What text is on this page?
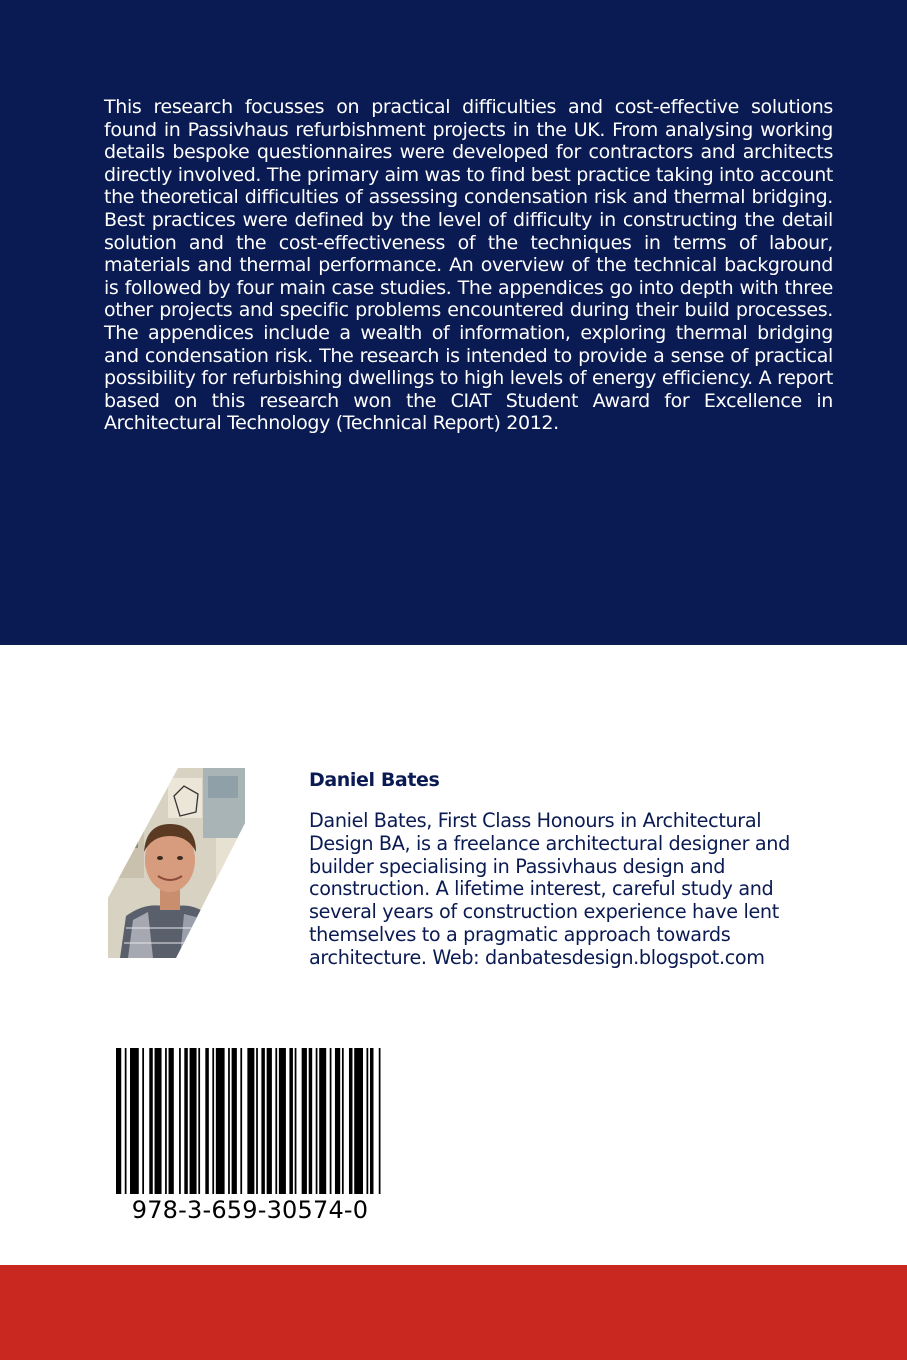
This research focusses on practical difficulties and cost-effective solutions found in Passivhaus refurbishment projects in the UK. From analysing working details bespoke questionnaires were developed for contractors and architects directly involved. The primary aim was to find best practice taking into account the theoretical difficulties of assessing condensation risk and thermal bridging. Best practices were defined by the level of difficulty in constructing the detail solution and the cost-effectiveness of the techniques in terms of labour, materials and thermal performance. An overview of the technical background is followed by four main case studies. The appendices go into depth with three other projects and specific problems encountered during their build processes. The appendices include a wealth of information, exploring thermal bridging and condensation risk. The research is intended to provide a sense of practical possibility for refurbishing dwellings to high levels of energy efficiency. A report based on this research won the CIAT Student Award for Excellence in Architectural Technology (Technical Report) 2012.

Daniel Bates

Daniel Bates, First Class Honours in Architectural Design BA, is a freelance architectural designer and builder specialising in Passivhaus design and construction. A lifetime interest, careful study and several years of construction experience have lent themselves to a pragmatic approach towards architecture. Web: danbatesdesign.blogspot.com

978-3-659-30574-0
